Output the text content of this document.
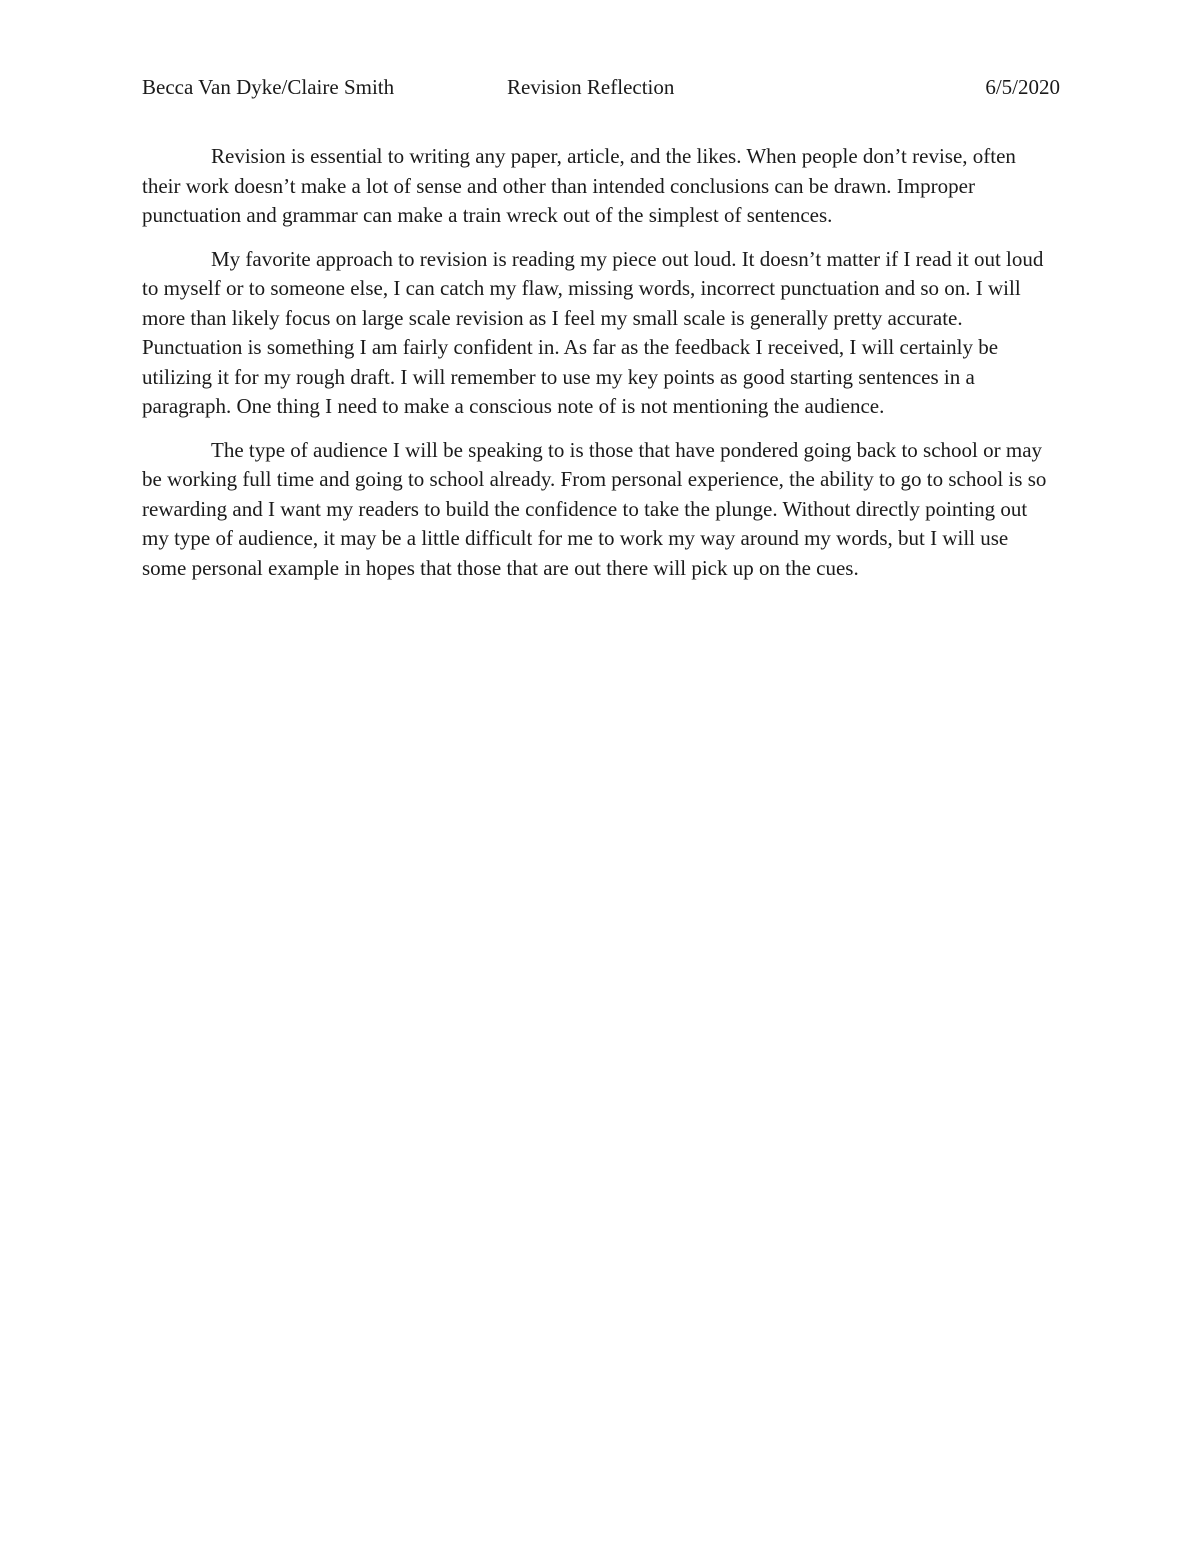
Becca Van Dyke/Claire Smith	Revision Reflection	6/5/2020

Revision is essential to writing any paper, article, and the likes. When people don’t revise, often their work doesn’t make a lot of sense and other than intended conclusions can be drawn. Improper punctuation and grammar can make a train wreck out of the simplest of sentences.

My favorite approach to revision is reading my piece out loud. It doesn’t matter if I read it out loud to myself or to someone else, I can catch my flaw, missing words, incorrect punctuation and so on. I will more than likely focus on large scale revision as I feel my small scale is generally pretty accurate. Punctuation is something I am fairly confident in. As far as the feedback I received, I will certainly be utilizing it for my rough draft. I will remember to use my key points as good starting sentences in a paragraph. One thing I need to make a conscious note of is not mentioning the audience.

The type of audience I will be speaking to is those that have pondered going back to school or may be working full time and going to school already. From personal experience, the ability to go to school is so rewarding and I want my readers to build the confidence to take the plunge. Without directly pointing out my type of audience, it may be a little difficult for me to work my way around my words, but I will use some personal example in hopes that those that are out there will pick up on the cues.
